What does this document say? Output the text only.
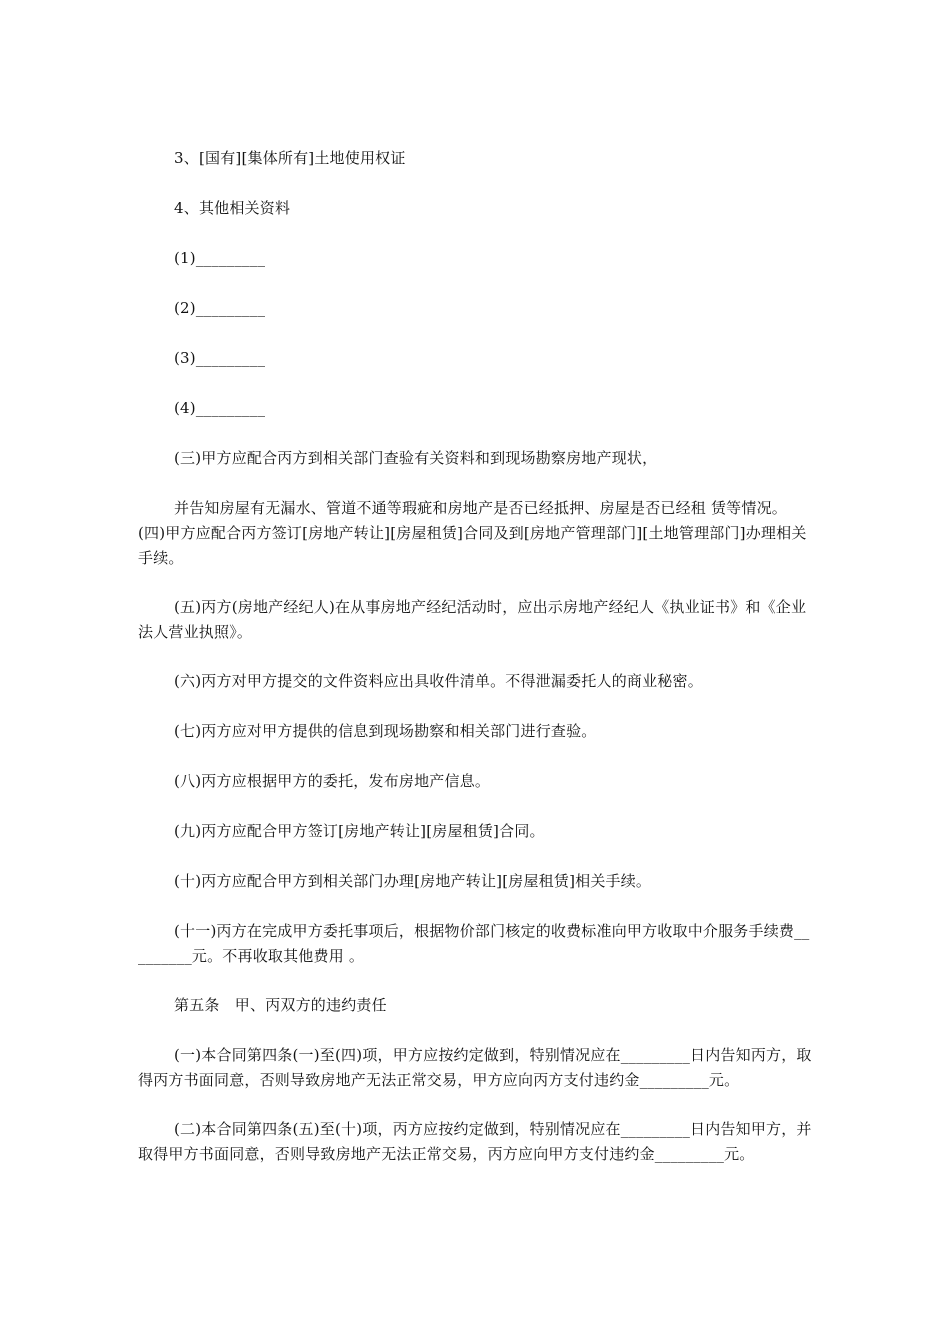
3、[国有][集体所有]土地使用权证

4、其他相关资料

(1)_________

(2)_________

(3)_________

(4)_________

(三)甲方应配合丙方到相关部门查验有关资料和到现场勘察房地产现状，

并告知房屋有无漏水、管道不通等瑕疵和房地产是否已经抵押、房屋是否已经租 赁等情况。(四)甲方应配合丙方签订[房地产转让][房屋租赁]合同及到[房地产管理部门][土地管理部门]办理相关手续。

(五)丙方(房地产经纪人)在从事房地产经纪活动时，应出示房地产经纪人《执业证书》和《企业法人营业执照》。

(六)丙方对甲方提交的文件资料应出具收件清单。不得泄漏委托人的商业秘密。

(七)丙方应对甲方提供的信息到现场勘察和相关部门进行查验。

(八)丙方应根据甲方的委托，发布房地产信息。

(九)丙方应配合甲方签订[房地产转让][房屋租赁]合同。

(十)丙方应配合甲方到相关部门办理[房地产转让][房屋租赁]相关手续。

(十一)丙方在完成甲方委托事项后，根据物价部门核定的收费标准向甲方收取中介服务手续费_________元。不再收取其他费用 。

第五条　甲、丙双方的违约责任

(一)本合同第四条(一)至(四)项，甲方应按约定做到，特别情况应在_________日内告知丙方，取得丙方书面同意，否则导致房地产无法正常交易，甲方应向丙方支付违约金_________元。

(二)本合同第四条(五)至(十)项，丙方应按约定做到，特别情况应在_________日内告知甲方，并取得甲方书面同意，否则导致房地产无法正常交易，丙方应向甲方支付违约金_________元。
